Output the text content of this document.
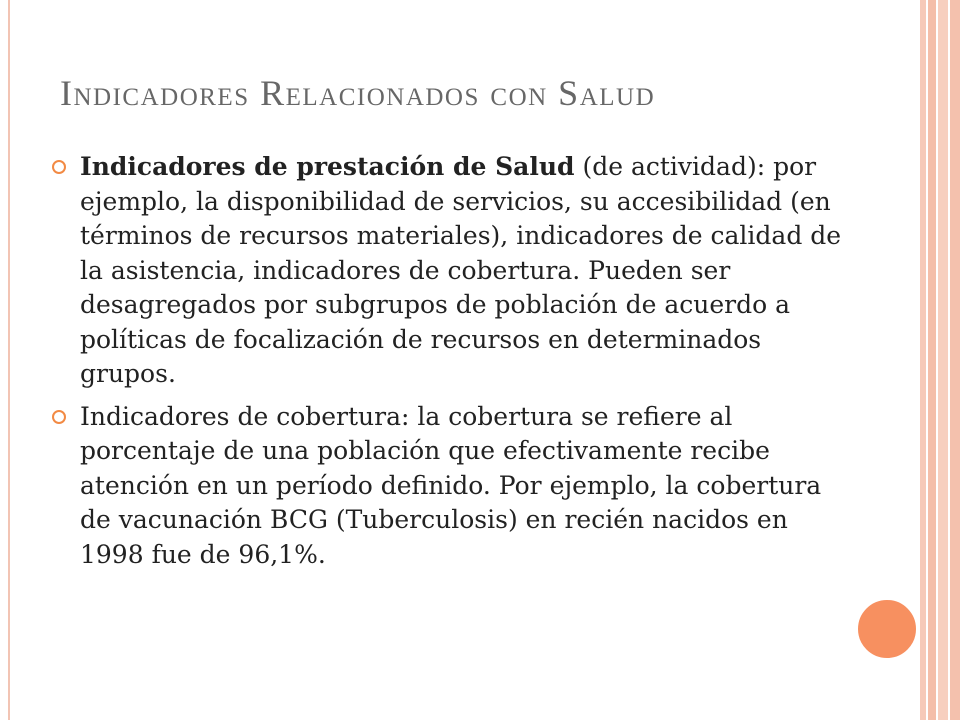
Indicadores Relacionados con Salud
Indicadores de prestación de Salud (de actividad): por ejemplo, la disponibilidad de servicios, su accesibilidad (en términos de recursos materiales), indicadores de calidad de la asistencia, indicadores de cobertura. Pueden ser desagregados por subgrupos de población de acuerdo a políticas de focalización de recursos en determinados grupos.
Indicadores de cobertura: la cobertura se refiere al porcentaje de una población que efectivamente recibe atención en un período definido. Por ejemplo, la cobertura de vacunación BCG (Tuberculosis) en recién nacidos en 1998 fue de 96,1%.
